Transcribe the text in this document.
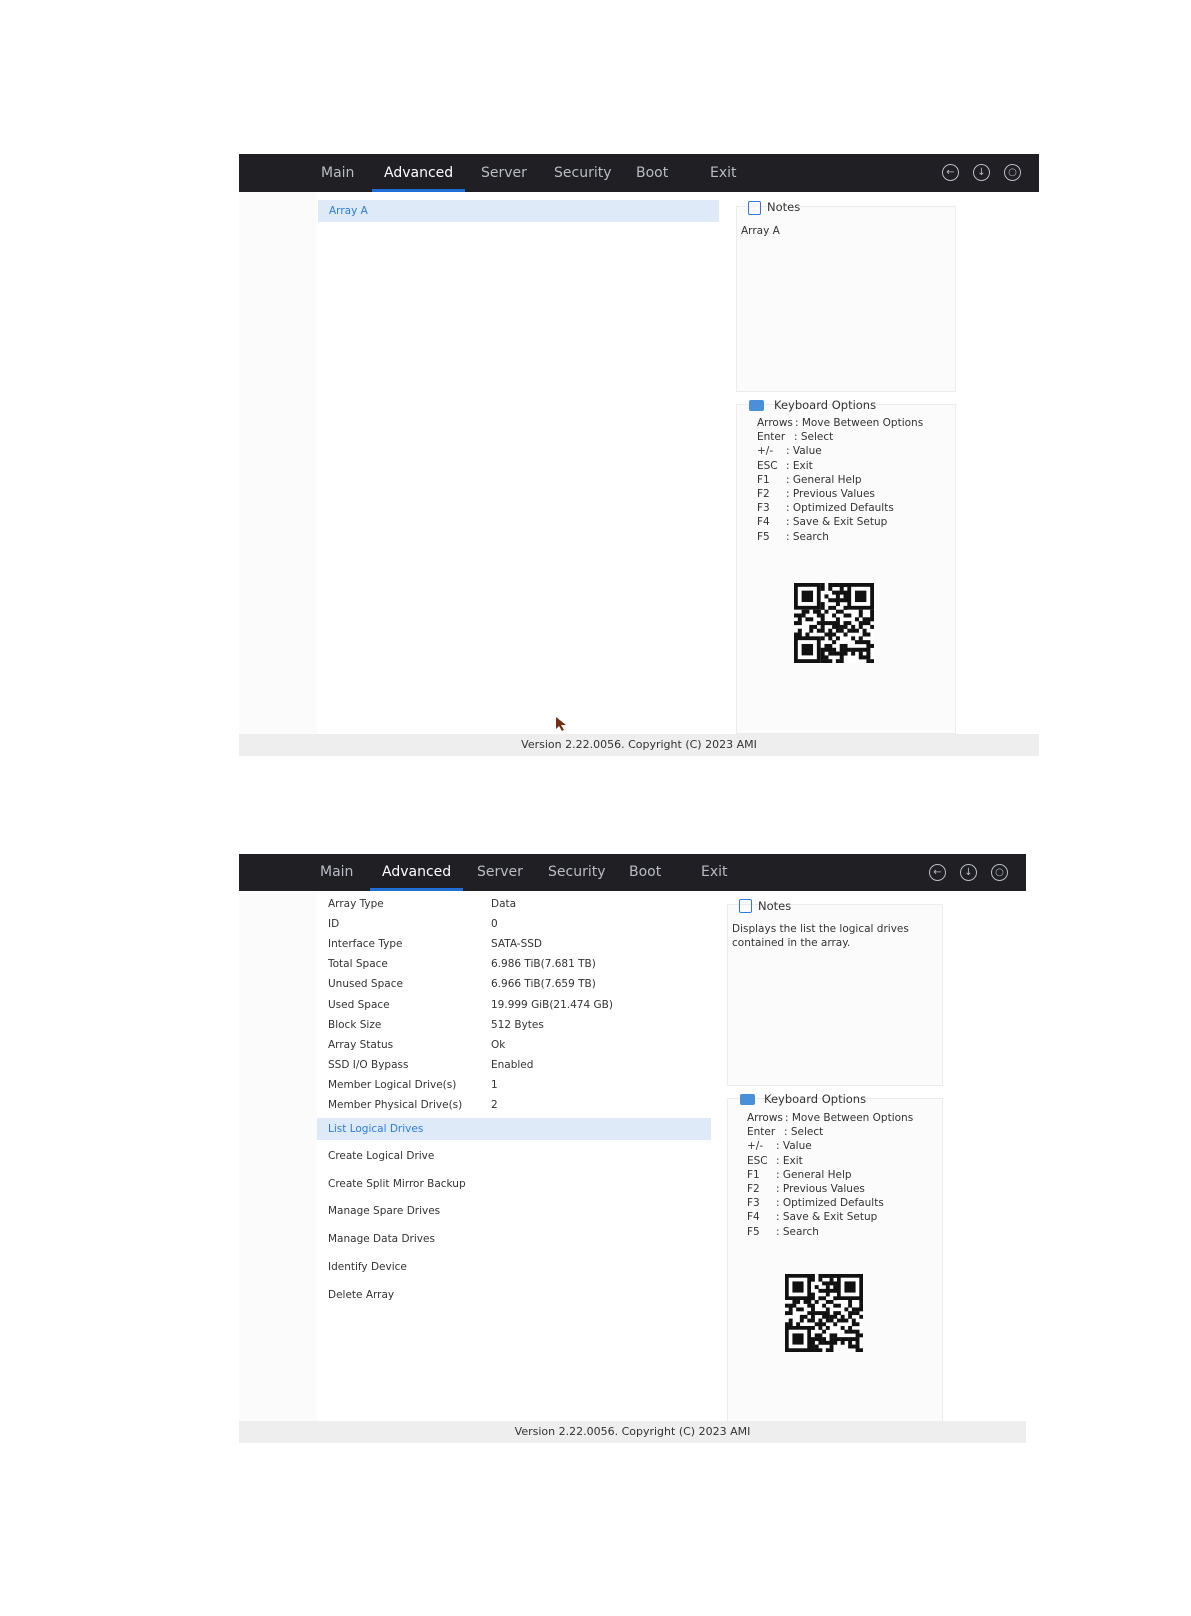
Main Advanced Server Security Boot	Exit	←	↓	○
Array A	Notes
Array A
Keyboard Options
Arrows : Move Between Options
Enter : Select
+/- : Value
ESC : Exit
F1 : General Help
F2 : Previous Values
F3 : Optimized Defaults
F4 : Save & Exit Setup
F5 : Search
Version 2.22.0056. Copyright (C) 2023 AMI
Main Advanced Server Security Boot	Exit	←	↓	○
Array Type	Data
ID	0
Interface Type	SATA-SSD
Total Space	6.986 TiB(7.681 TB)
Unused Space	6.966 TiB(7.659 TB)
Used Space	19.999 GiB(21.474 GB)
Block Size	512 Bytes
Array Status	Ok
SSD I/O Bypass	Enabled
Member Logical Drive(s)	1
Member Physical Drive(s)	2
List Logical Drives
Create Logical Drive
Create Split Mirror Backup
Manage Spare Drives
Manage Data Drives
Identify Device
Delete Array
Notes
Displays the list the logical drives contained in the array.
Keyboard Options
Arrows : Move Between Options
Enter : Select
+/- : Value
ESC : Exit
F1 : General Help
F2 : Previous Values
F3 : Optimized Defaults
F4 : Save & Exit Setup
F5 : Search
Version 2.22.0056. Copyright (C) 2023 AMI
